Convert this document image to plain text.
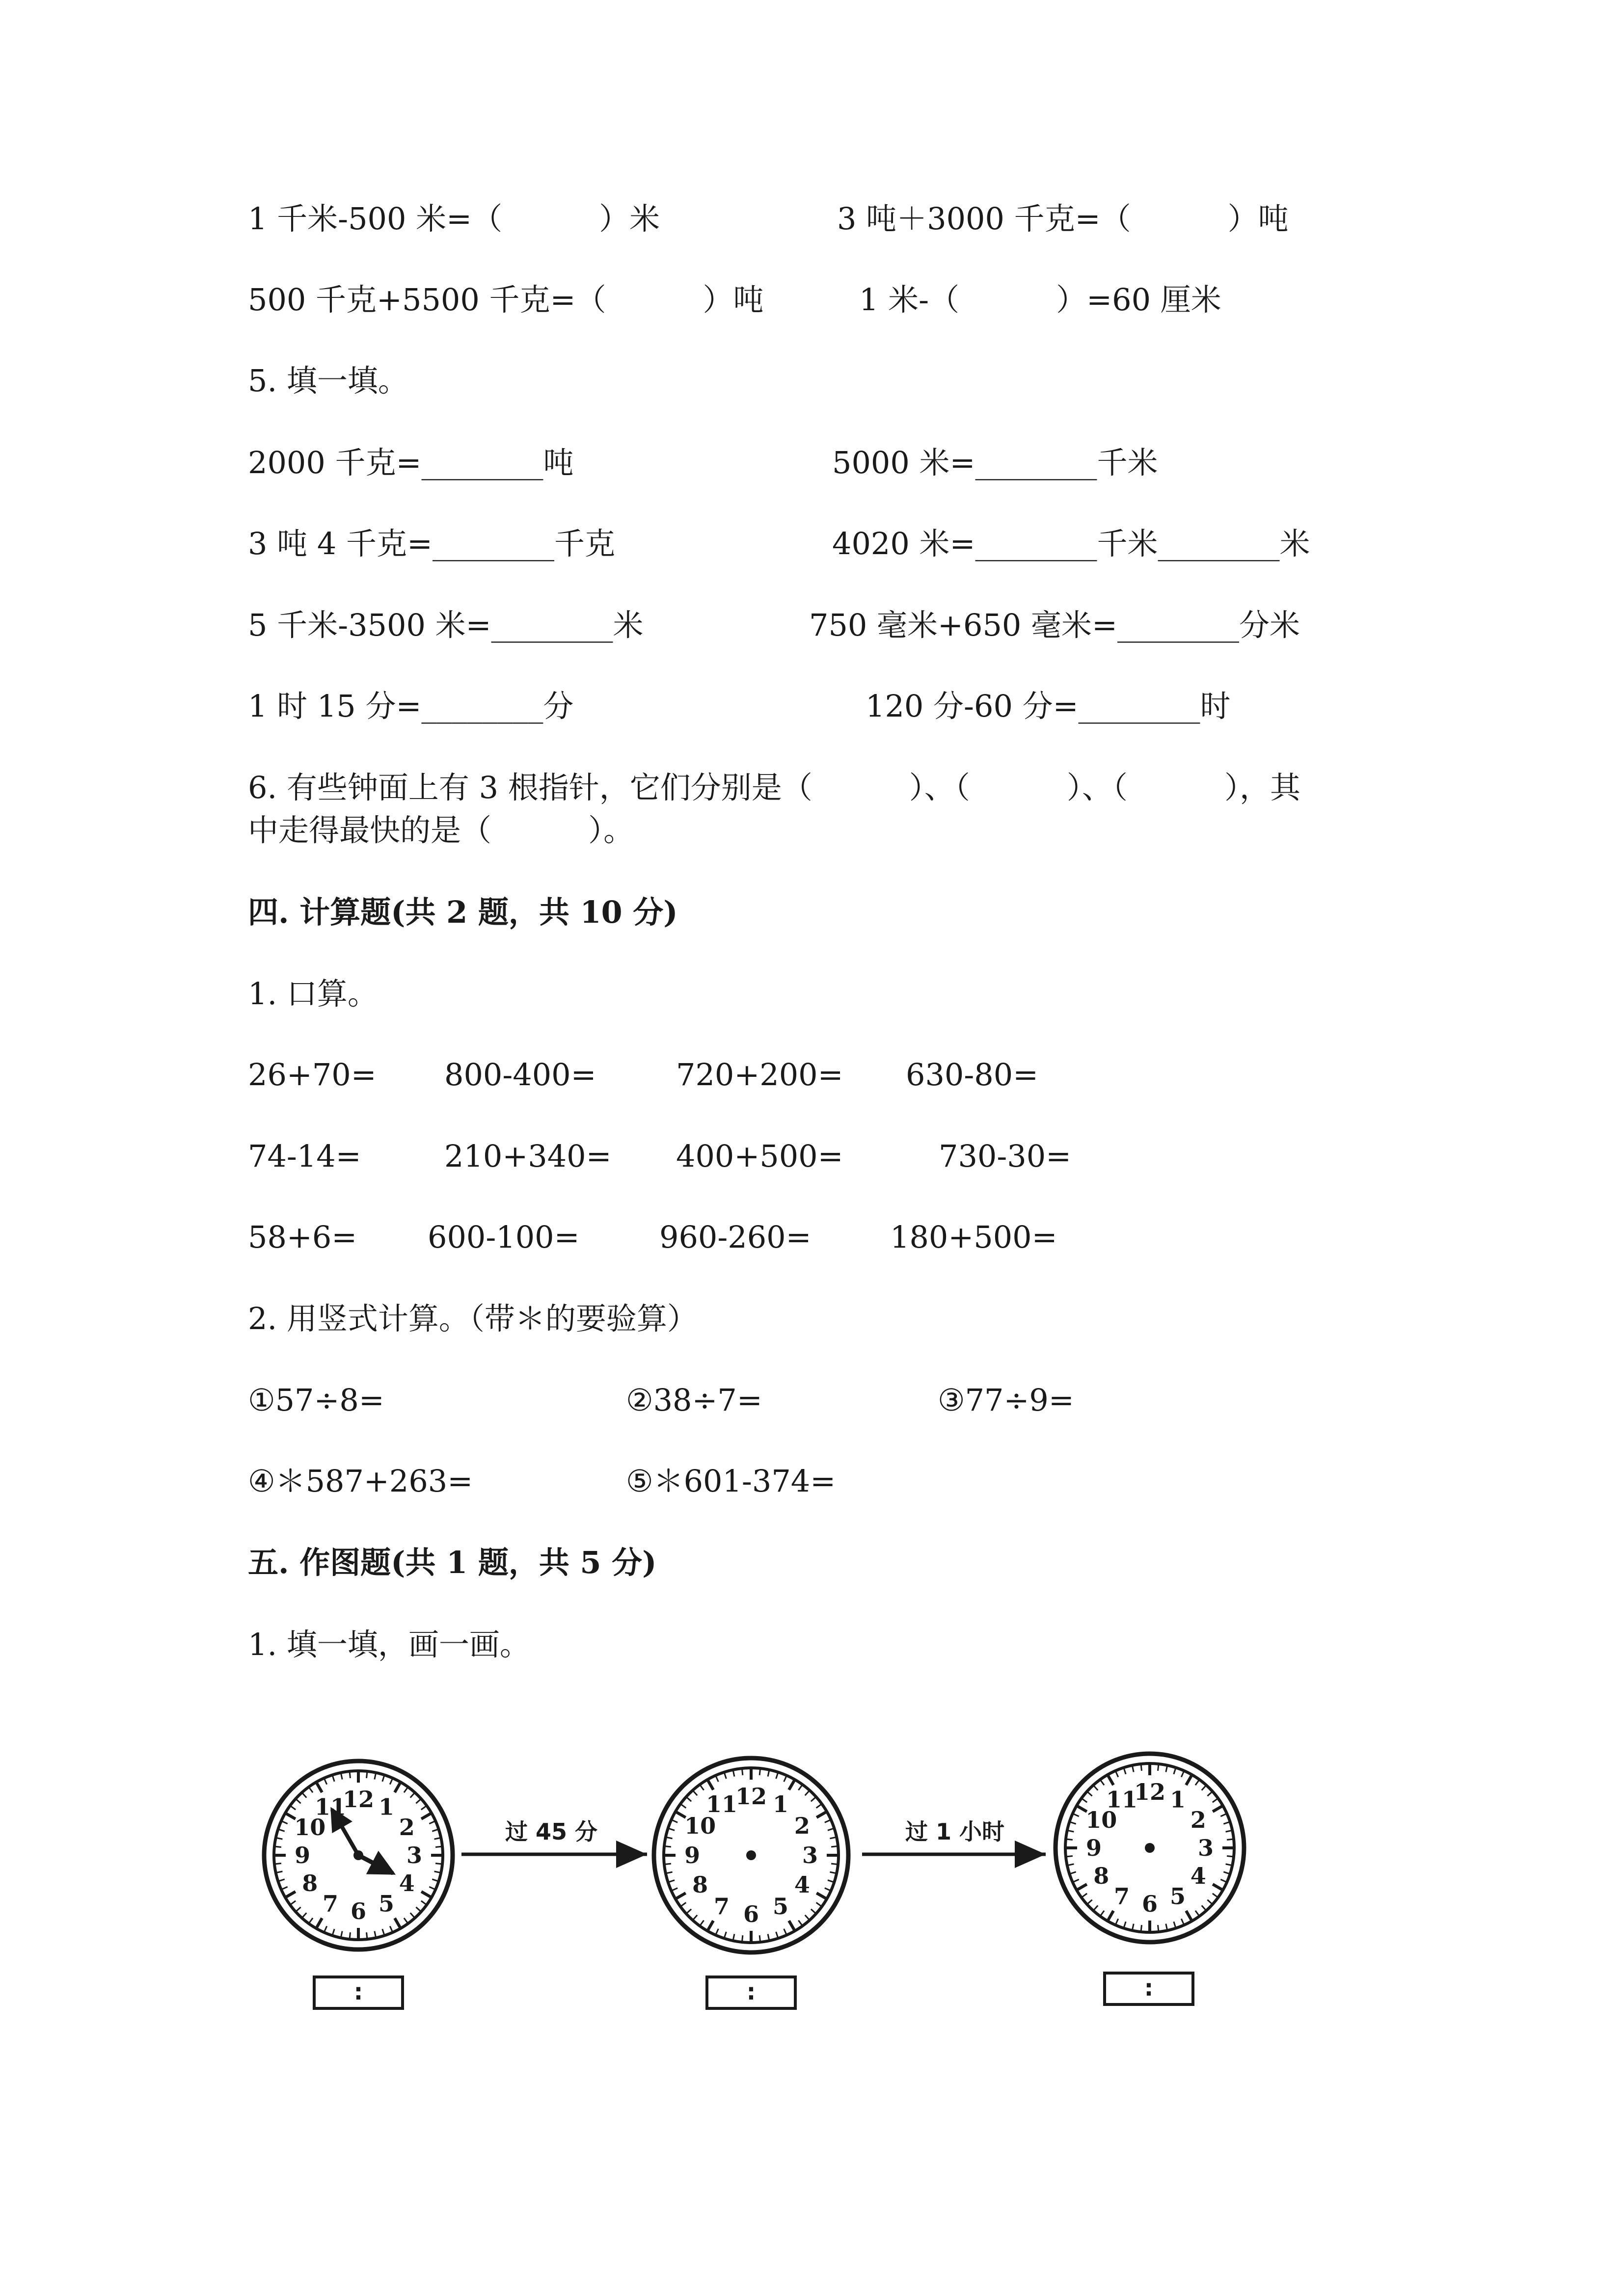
1 千米-500 米=（          ）米	3 吨＋3000 千克=（          ）吨
500 千克+5500 千克=（          ）吨	1 米-（          ）=60 厘米
5. 填一填。
2000 千克=________吨	5000 米=________千米
3 吨 4 千克=________千克	4020 米=________千米________米
5 千米-3500 米=________米	750 毫米+650 毫米=________分米
1 时 15 分=________分	120 分-60 分=________时
6. 有些钟面上有 3 根指针，它们分别是（          ）、（          ）、（          ），其
中走得最快的是（          ）。
四. 计算题(共 2 题，共 10 分)
1. 口算。
26+70= 800-400=	720+200= 630-80=
74-14=	210+340= 400+500=	730-30=
58+6= 600-100=	960-260=	180+500=
2. 用竖式计算。（带＊的要验算）
①57÷8=	②38÷7=	③77÷9=
④＊587+263=	⑤＊601-374=
五. 作图题(共 1 题，共 5 分)
1. 填一填，画一画。
12 1
2
3
4
5
6
7
8
9
10
11	12 1
2
3
4
5
6
7
8
9
10
11	12 1
2
3
4
5
6
7
8
9
10
11
过 45 分	过 1 小时
:	:	:
